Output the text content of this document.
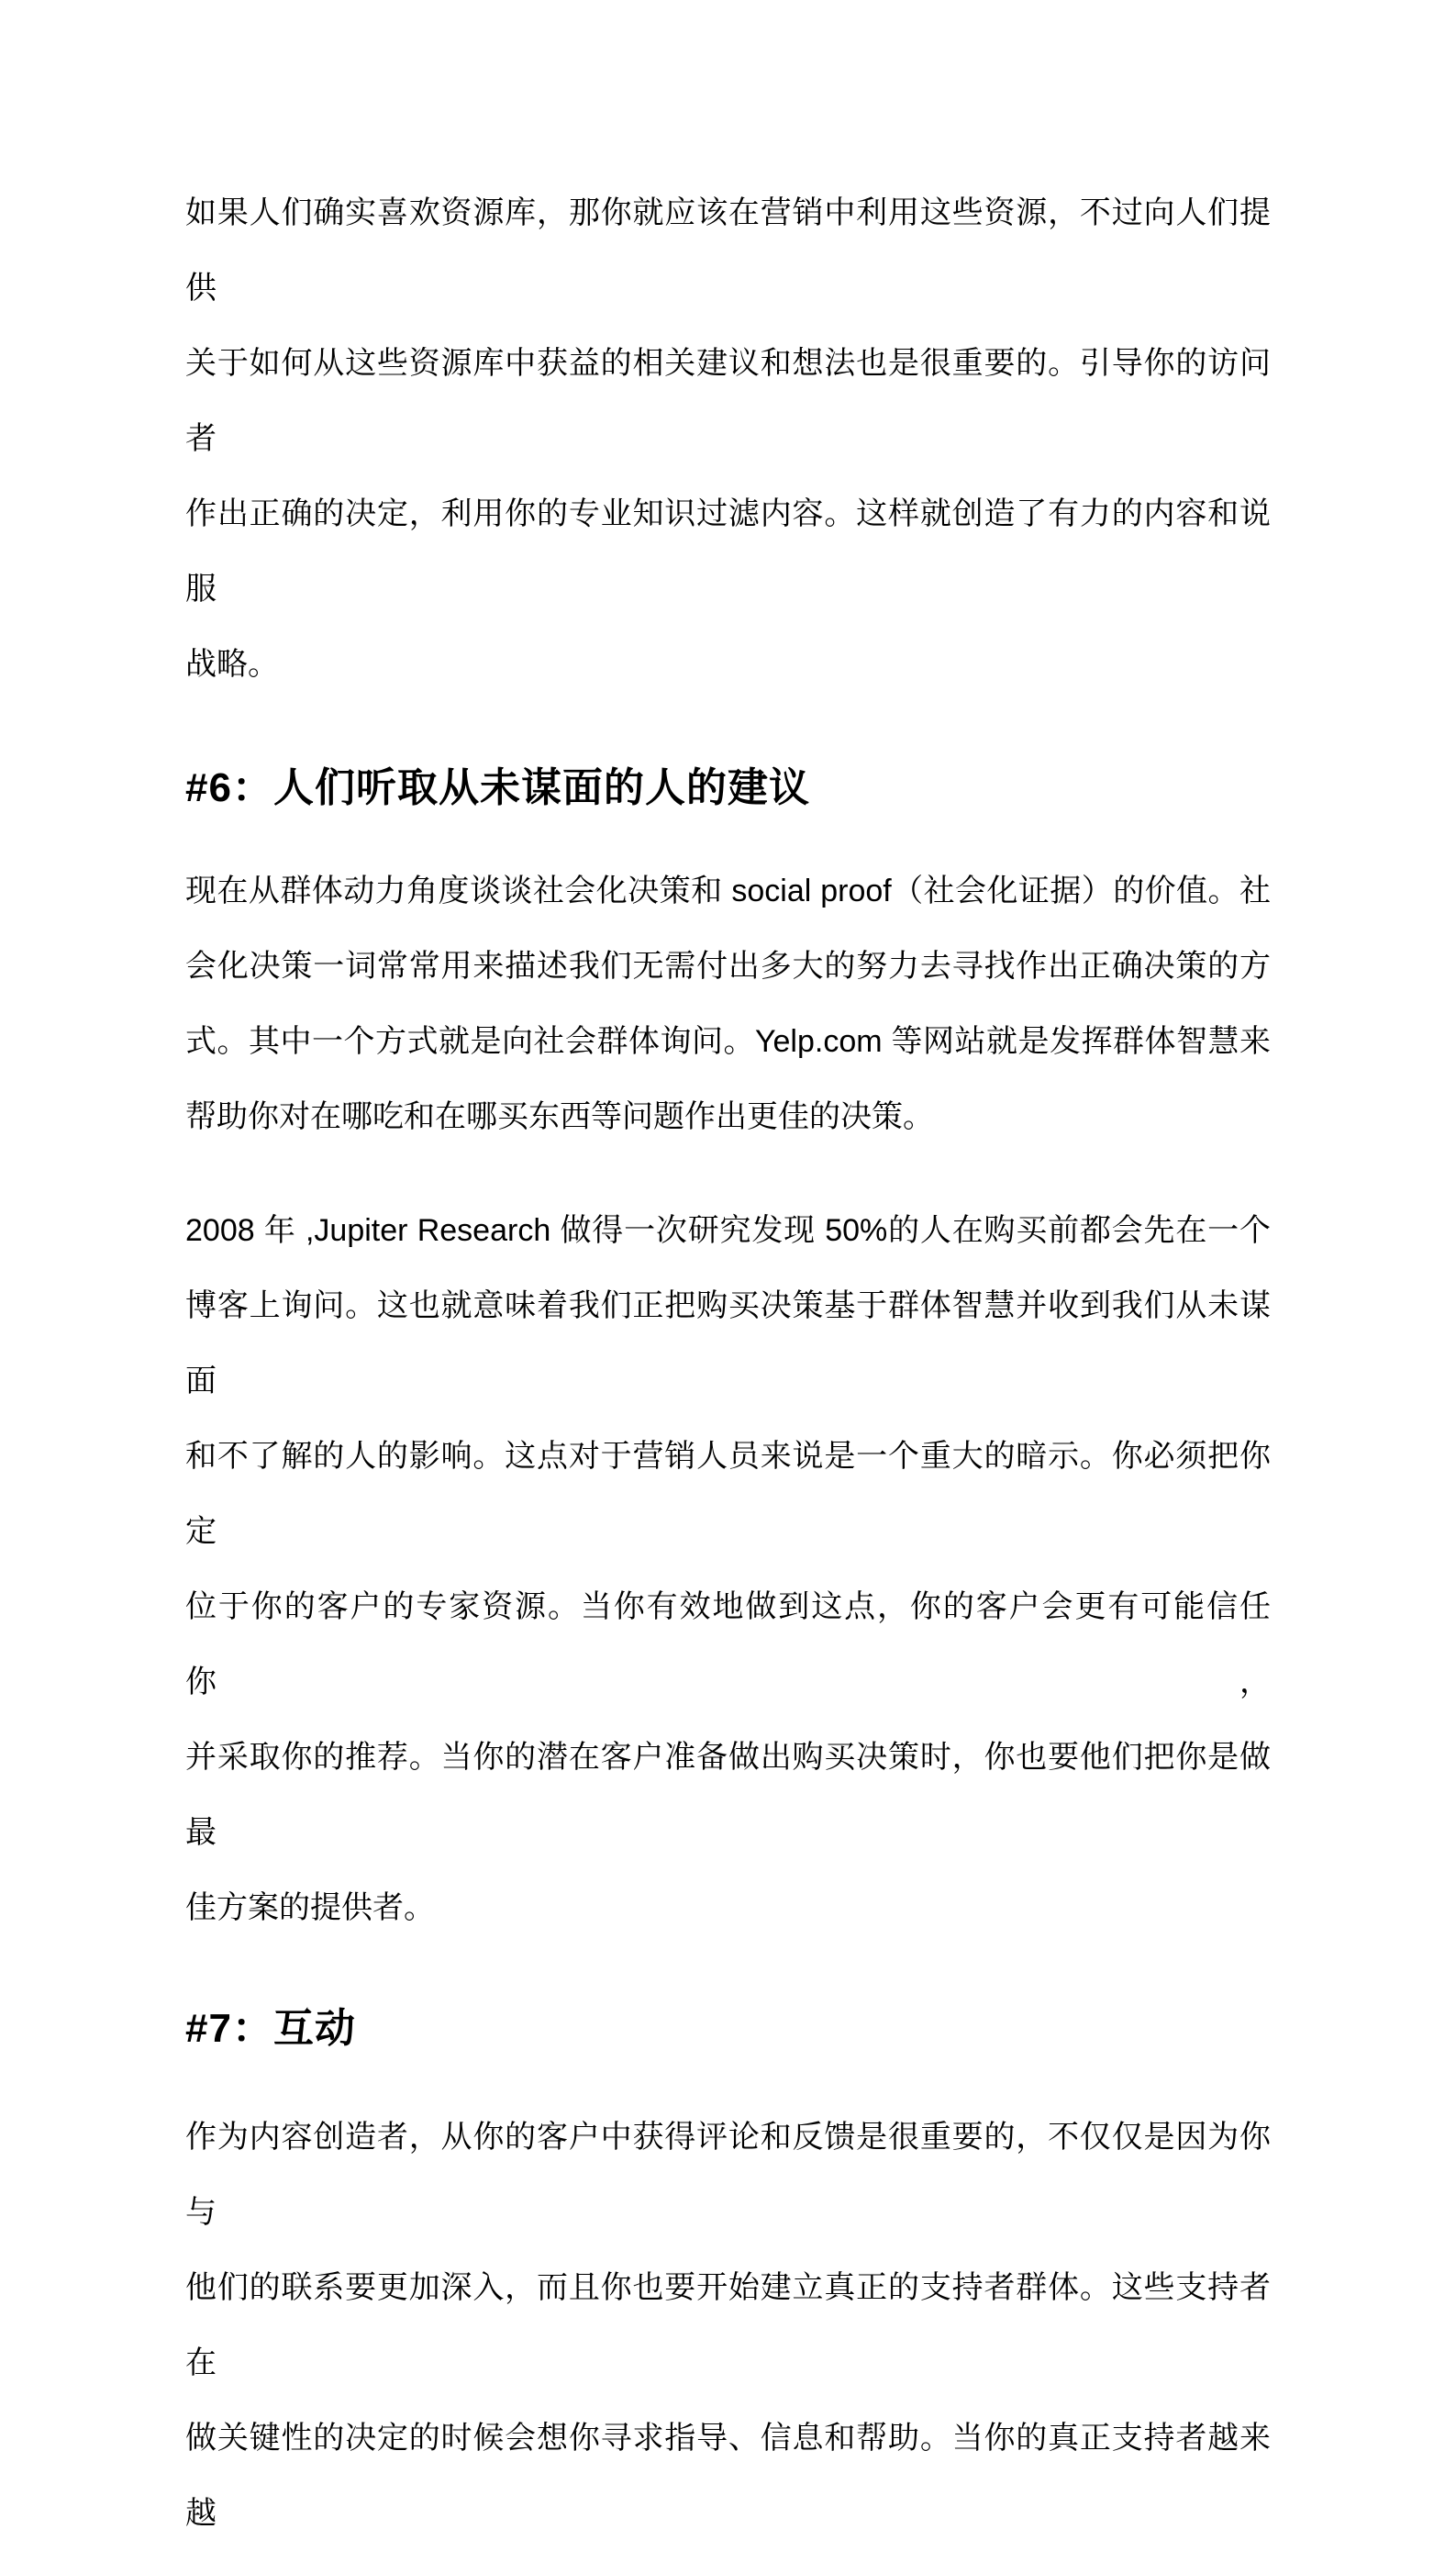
如果人们确实喜欢资源库，那你就应该在营销中利用这些资源，不过向人们提供
关于如何从这些资源库中获益的相关建议和想法也是很重要的。引导你的访问者
作出正确的决定，利用你的专业知识过滤内容。这样就创造了有力的内容和说服
战略。
#6：人们听取从未谋面的人的建议
现在从群体动力角度谈谈社会化决策和 social proof（社会化证据）的价值。社
会化决策一词常常用来描述我们无需付出多大的努力去寻找作出正确决策的方
式。其中一个方式就是向社会群体询问。Yelp.com 等网站就是发挥群体智慧来
帮助你对在哪吃和在哪买东西等问题作出更佳的决策。
2008 年 ,Jupiter Research 做得一次研究发现 50%的人在购买前都会先在一个
博客上询问。这也就意味着我们正把购买决策基于群体智慧并收到我们从未谋面
和不了解的人的影响。这点对于营销人员来说是一个重大的暗示。你必须把你定
位于你的客户的专家资源。当你有效地做到这点，你的客户会更有可能信任你，
并采取你的推荐。当你的潜在客户准备做出购买决策时，你也要他们把你是做最
佳方案的提供者。
#7：互动
作为内容创造者，从你的客户中获得评论和反馈是很重要的，不仅仅是因为你与
他们的联系要更加深入，而且你也要开始建立真正的支持者群体。这些支持者在
做关键性的决定的时候会想你寻求指导、信息和帮助。当你的真正支持者越来越
